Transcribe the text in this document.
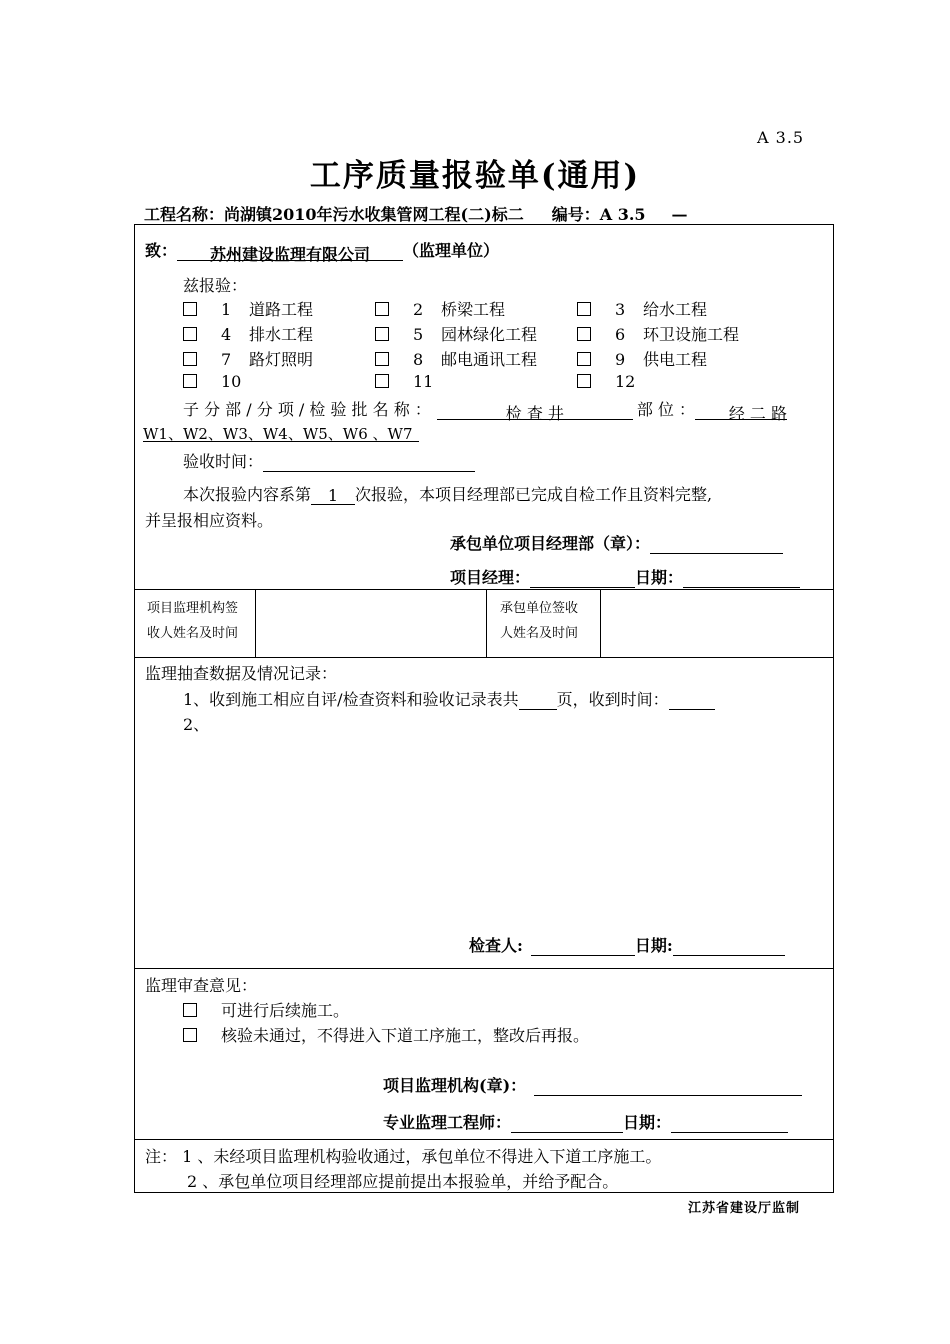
A 3.5
工序质量报验单(通用)
工程名称：尚湖镇2010年污水收集管网工程(二)标二 编号：A 3.5 —
致： 苏州建设监理有限公司 （监理单位）
兹报验：
1 道路工程	2 桥梁工程	3 给水工程
4 排水工程	5 园林绿化工程	6 环卫设施工程
7 路灯照明	8 邮电通讯工程	9 供电工程
10	11	12
子 分 部 / 分 项 / 检 验 批 名 称 ：	检 查 井	部 位 ： 经 二 路
W1、W2、W3、W4、W5、W6 、W7
验收时间：
本次报验内容系第 1 次报验，本项目经理部已完成自检工作且资料完整,
并呈报相应资料。
承包单位项目经理部（章）：
项目经理：	日期：
项目监理机构签
收人姓名及时间
承包单位签收
人姓名及时间
监理抽查数据及情况记录：
1、收到施工相应自评/检查资料和验收记录表共 页，收到时间：
2、
检查人:	日期:
监理审查意见：
可进行后续施工。
核验未通过，不得进入下道工序施工，整改后再报。
项目监理机构(章)：
专业监理工程师：	日期：
注： 1 、未经项目监理机构验收通过，承包单位不得进入下道工序施工。
2 、承包单位项目经理部应提前提出本报验单，并给予配合。
江苏省建设厅监制
